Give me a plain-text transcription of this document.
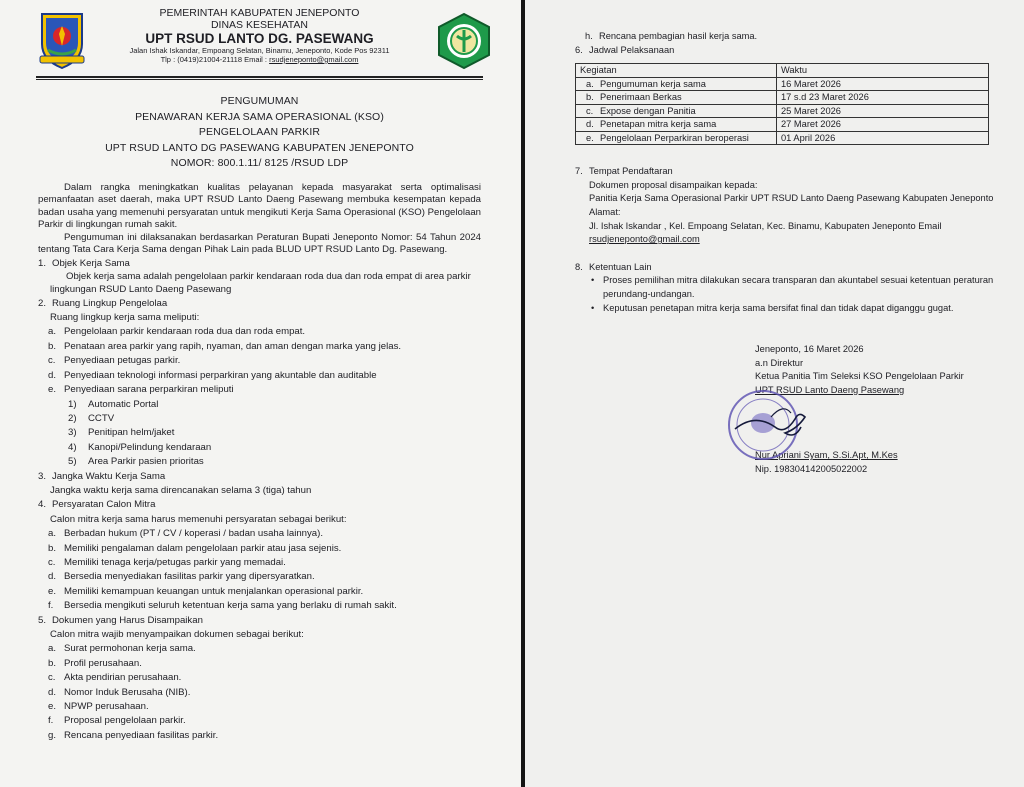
PEMERINTAH KABUPATEN JENEPONTO
DINAS KESEHATAN
UPT RSUD LANTO DG. PASEWANG
Jalan Ishak Iskandar, Empoang Selatan, Binamu, Jeneponto, Kode Pos 92311
Tlp : (0419)21004-21118 Email : rsudjeneponto@gmail.com
PENGUMUMAN
PENAWARAN KERJA SAMA OPERASIONAL (KSO)
PENGELOLAAN PARKIR
UPT RSUD LANTO DG PASEWANG KABUPATEN JENEPONTO
NOMOR: 800.1.11/ 8125 /RSUD LDP
Dalam rangka meningkatkan kualitas pelayanan kepada masyarakat serta optimalisasi pemanfaatan aset daerah, maka UPT RSUD Lanto Daeng Pasewang membuka kesempatan kepada badan usaha yang memenuhi persyaratan untuk mengikuti Kerja Sama Operasional (KSO) Pengelolaan Parkir di lingkungan rumah sakit.
Pengumuman ini dilaksanakan berdasarkan Peraturan Bupati Jeneponto Nomor: 54 Tahun 2024 tentang Tata Cara Kerja Sama dengan Pihak Lain pada BLUD UPT RSUD Lanto Dg. Pasewang.
1. Objek Kerja Sama
Objek kerja sama adalah pengelolaan parkir kendaraan roda dua dan roda empat di area parkir lingkungan RSUD Lanto Daeng Pasewang
2. Ruang Lingkup Pengelolaa
Ruang lingkup kerja sama meliputi:
a. Pengelolaan parkir kendaraan roda dua dan roda empat.
b. Penataan area parkir yang rapih, nyaman, dan aman dengan marka yang jelas.
c. Penyediaan petugas parkir.
d. Penyediaan teknologi informasi perparkiran yang akuntable dan auditable
e. Penyediaan sarana perparkiran meliputi
1)	Automatic Portal
2)	CCTV
3)	Penitipan helm/jaket
4)	Kanopi/Pelindung kendaraan
5)	Area Parkir pasien prioritas
3. Jangka Waktu Kerja Sama
Jangka waktu kerja sama direncanakan selama 3 (tiga) tahun
4. Persyaratan Calon Mitra
Calon mitra kerja sama harus memenuhi persyaratan sebagai berikut:
a. Berbadan hukum (PT / CV / koperasi / badan usaha lainnya).
b. Memiliki pengalaman dalam pengelolaan parkir atau jasa sejenis.
c. Memiliki tenaga kerja/petugas parkir yang memadai.
d. Bersedia menyediakan fasilitas parkir yang dipersyaratkan.
e. Memiliki kemampuan keuangan untuk menjalankan operasional parkir.
f.	Bersedia mengikuti seluruh ketentuan kerja sama yang berlaku di rumah sakit.
5. Dokumen yang Harus Disampaikan
Calon mitra wajib menyampaikan dokumen sebagai berikut:
a. Surat permohonan kerja sama.
b. Profil perusahaan.
c. Akta pendirian perusahaan.
d. Nomor Induk Berusaha (NIB).
e. NPWP perusahaan.
f.	Proposal pengelolaan parkir.
g. Rencana penyediaan fasilitas parkir.
h. Rencana pembagian hasil kerja sama.
6. Jadwal Pelaksanaan
Kegiatan	Waktu
a. Pengumuman kerja sama	16 Maret 2026
b. Penerimaan Berkas	17 s.d 23 Maret 2026
c. Expose dengan Panitia	25 Maret 2026
d. Penetapan mitra kerja sama	27 Maret 2026
e. Pengelolaan Perparkiran beroperasi	01 April 2026
7. Tempat Pendaftaran
Dokumen proposal disampaikan kepada:
Panitia Kerja Sama Operasional Parkir UPT RSUD Lanto Daeng Pasewang Kabupaten Jeneponto
Alamat:
Jl. Ishak Iskandar , Kel. Empoang Selatan, Kec. Binamu, Kabupaten Jeneponto Email
rsudjeneponto@gmail.com
8. Ketentuan Lain
• Proses pemilihan mitra dilakukan secara transparan dan akuntabel sesuai ketentuan peraturan perundang-undangan.
• Keputusan penetapan mitra kerja sama bersifat final dan tidak dapat diganggu gugat.
Jeneponto, 16 Maret 2026
a.n Direktur
Ketua Panitia Tim Seleksi KSO Pengelolaan Parkir
UPT RSUD Lanto Daeng Pasewang
Nur Apriani Syam, S.Si.Apt, M.Kes
Nip. 198304142005022002
